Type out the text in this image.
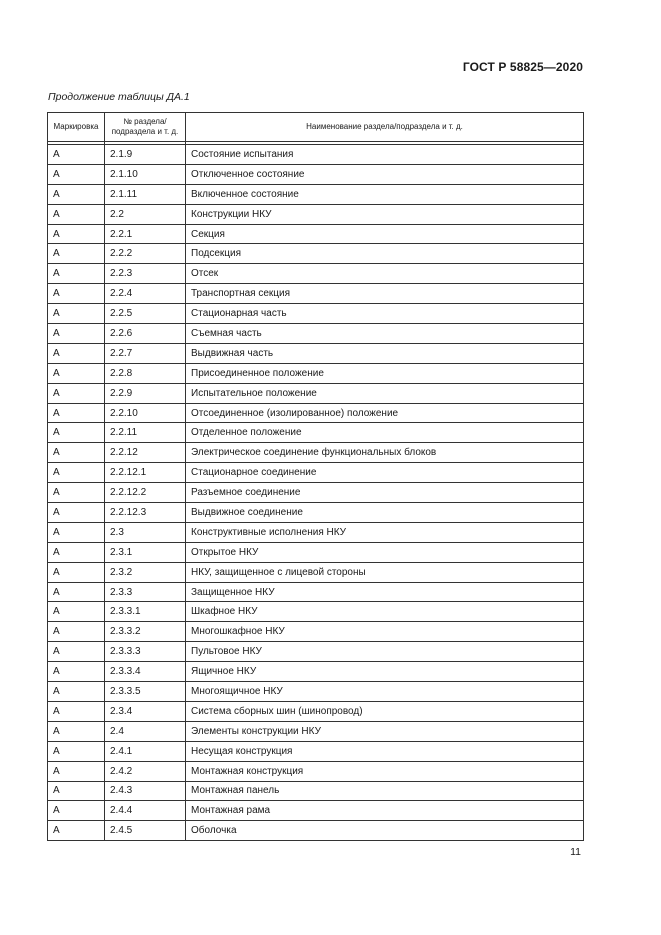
ГОСТ Р 58825—2020
Продолжение таблицы ДА.1
Маркировка	№ раздела/ подраздела и т. д.	Наименование раздела/подраздела и т. д.

А	2.1.9	Состояние испытания
А	2.1.10	Отключенное состояние
А	2.1.11	Включенное состояние
А	2.2	Конструкции НКУ
А	2.2.1	Секция
А	2.2.2	Подсекция
А	2.2.3	Отсек
А	2.2.4	Транспортная секция
А	2.2.5	Стационарная часть
А	2.2.6	Съемная часть
А	2.2.7	Выдвижная часть
А	2.2.8	Присоединенное положение
А	2.2.9	Испытательное положение
А	2.2.10	Отсоединенное (изолированное) положение
А	2.2.11	Отделенное положение
А	2.2.12	Электрическое соединение функциональных блоков
А	2.2.12.1	Стационарное соединение
А	2.2.12.2	Разъемное соединение
А	2.2.12.3	Выдвижное соединение
А	2.3	Конструктивные исполнения НКУ
А	2.3.1	Открытое НКУ
А	2.3.2	НКУ, защищенное с лицевой стороны
А	2.3.3	Защищенное НКУ
А	2.3.3.1	Шкафное НКУ
А	2.3.3.2	Многошкафное НКУ
А	2.3.3.3	Пультовое НКУ
А	2.3.3.4	Ящичное НКУ
А	2.3.3.5	Многоящичное НКУ
А	2.3.4	Система сборных шин (шинопровод)
А	2.4	Элементы конструкции НКУ
А	2.4.1	Несущая конструкция
А	2.4.2	Монтажная конструкция
А	2.4.3	Монтажная панель
А	2.4.4	Монтажная рама
А	2.4.5	Оболочка
11
